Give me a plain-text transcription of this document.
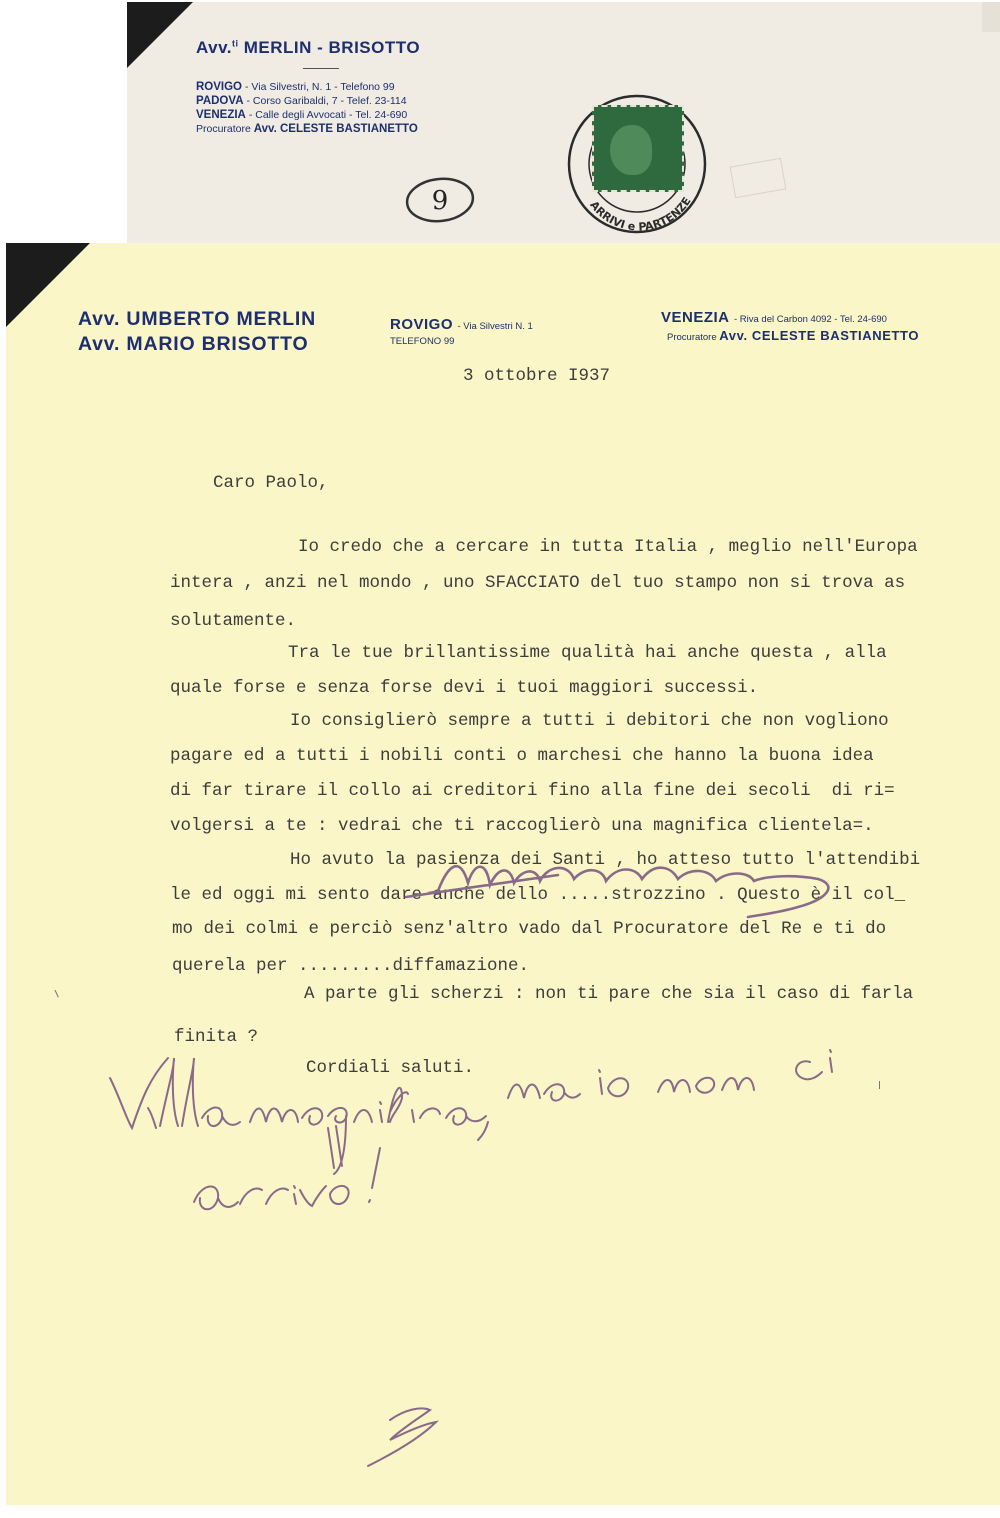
Avv.$^{ti}$ MERLIN - BRISOTTO
ROVIGO - Via Silvestri, N. 1 - Telefono 99
PADOVA - Corso Garibaldi, 7 - Telef. 23-114
VENEZIA - Calle degli Avvocati - Tel. 24-690
Procuratore Avv. CELESTE BASTIANETTO
9	ARRIVI e PARTENZE
Avv. UMBERTO MERLIN
Avv. MARIO BRISOTTO
ROVIGO - Via Silvestri N. 1
TELEFONO 99
VENEZIA - Riva del Carbon 4092 - Tel. 24-690
Procuratore Avv. CELESTE BASTIANETTO
3 ottobre I937
Caro Paolo,
Io credo che a cercare in tutta Italia , meglio nell'Europa
intera , anzi nel mondo , uno SFACCIATO del tuo stampo non si trova as
solutamente.
Tra le tue brillantissime qualità hai anche questa , alla
quale forse e senza forse devi i tuoi maggiori successi.
Io consiglierò sempre a tutti i debitori che non vogliono
pagare ed a tutti i nobili conti o marchesi che hanno la buona idea
di far tirare il collo ai creditori fino alla fine dei secoli  di ri=
volgersi a te : vedrai che ti raccoglierò una magnifica clientela=.
Ho avuto la pasienza dei Santi , ho atteso tutto l'attendibi
le ed oggi mi sento dare anche dello .....strozzino . Questo è il col_
mo dei colmi e perciò senz'altro vado dal Procuratore del Re e ti do
querela per .........diffamazione.
A parte gli scherzi : non ti pare che sia il caso di farla
finita ?
Cordiali saluti.
